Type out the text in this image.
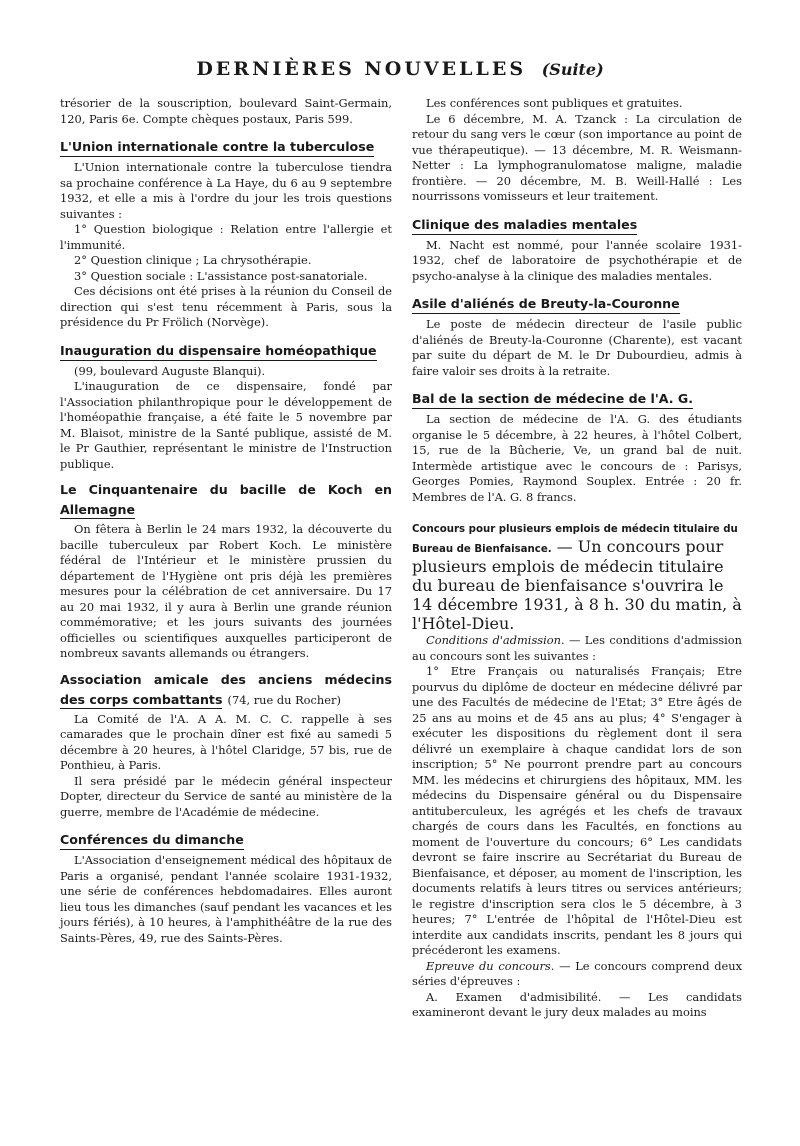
DERNIÈRES NOUVELLES (Suite)

trésorier de la souscription, boulevard Saint-Germain, 120, Paris 6e. Compte chèques postaux, Paris 599.

L'Union internationale contre la tuberculose

L'Union internationale contre la tuberculose tiendra sa prochaine conférence à La Haye, du 6 au 9 septembre 1932, et elle a mis à l'ordre du jour les trois questions suivantes :

1° Question biologique : Relation entre l'allergie et l'immunité.

2° Question clinique ; La chrysothérapie.

3° Question sociale : L'assistance post-sanatoriale.

Ces décisions ont été prises à la réunion du Conseil de direction qui s'est tenu récemment à Paris, sous la présidence du Pr Frölich (Norvège).

Inauguration du dispensaire homéopathique

(99, boulevard Auguste Blanqui).

L'inauguration de ce dispensaire, fondé par l'Association philanthropique pour le développement de l'homéopathie française, a été faite le 5 novembre par M. Blaisot, ministre de la Santé publique, assisté de M. le Pr Gauthier, représentant le ministre de l'Instruction publique.

Le Cinquantenaire du bacille de Koch en
Allemagne

On fêtera à Berlin le 24 mars 1932, la découverte du bacille tuberculeux par Robert Koch. Le ministère fédéral de l'Intérieur et le ministère prussien du département de l'Hygiène ont pris déjà les premières mesures pour la célébration de cet anniversaire. Du 17 au 20 mai 1932, il y aura à Berlin une grande réunion commémorative; et les jours suivants des journées officielles ou scientifiques auxquelles participeront de nombreux savants allemands ou étrangers.

Association amicale des anciens médecins
des corps combattants (74, rue du Rocher)

La Comité de l'A. A A. M. C. C. rappelle à ses camarades que le prochain dîner est fixé au samedi 5 décembre à 20 heures, à l'hôtel Claridge, 57 bis, rue de Ponthieu, à Paris.

Il sera présidé par le médecin général inspecteur Dopter, directeur du Service de santé au ministère de la guerre, membre de l'Académie de médecine.

Conférences du dimanche

L'Association d'enseignement médical des hôpitaux de Paris a organisé, pendant l'année scolaire 1931-1932, une série de conférences hebdomadaires. Elles auront lieu tous les dimanches (sauf pendant les vacances et les jours fériés), à 10 heures, à l'amphithéâtre de la rue des Saints-Pères, 49, rue des Saints-Pères.

Les conférences sont publiques et gratuites.

Le 6 décembre, M. A. Tzanck : La circulation de retour du sang vers le cœur (son importance au point de vue thérapeutique). — 13 décembre, M. R. Weismann-Netter : La lymphogranulomatose maligne, maladie frontière. — 20 décembre, M. B. Weill-Hallé : Les nourrissons vomisseurs et leur traitement.

Clinique des maladies mentales

M. Nacht est nommé, pour l'année scolaire 1931-1932, chef de laboratoire de psychothérapie et de psycho-analyse à la clinique des maladies mentales.

Asile d'aliénés de Breuty-la-Couronne

Le poste de médecin directeur de l'asile public d'aliénés de Breuty-la-Couronne (Charente), est vacant par suite du départ de M. le Dr Dubourdieu, admis à faire valoir ses droits à la retraite.

Bal de la section de médecine de l'A. G.

La section de médecine de l'A. G. des étudiants organise le 5 décembre, à 22 heures, à l'hôtel Colbert, 15, rue de la Bûcherie, Ve, un grand bal de nuit. Intermède artistique avec le concours de : Parisys, Georges Pomies, Raymond Souplex. Entrée : 20 fr. Membres de l'A. G. 8 francs.

Concours pour plusieurs emplois de médecin titulaire du Bureau de Bienfaisance. — Un concours pour plusieurs emplois de médecin titulaire du bureau de bienfaisance s'ouvrira le 14 décembre 1931, à 8 h. 30 du matin, à l'Hôtel-Dieu.

Conditions d'admission. — Les conditions d'admission au concours sont les suivantes :

1° Etre Français ou naturalisés Français; Etre pourvus du diplôme de docteur en médecine délivré par une des Facultés de médecine de l'Etat; 3° Etre âgés de 25 ans au moins et de 45 ans au plus; 4° S'engager à exécuter les dispositions du règlement dont il sera délivré un exemplaire à chaque candidat lors de son inscription; 5° Ne pourront prendre part au concours MM. les médecins et chirurgiens des hôpitaux, MM. les médecins du Dispensaire général ou du Dispensaire antituberculeux, les agrégés et les chefs de travaux chargés de cours dans les Facultés, en fonctions au moment de l'ouverture du concours; 6° Les candidats devront se faire inscrire au Secrétariat du Bureau de Bienfaisance, et déposer, au moment de l'inscription, les documents relatifs à leurs titres ou services antérieurs; le registre d'inscription sera clos le 5 décembre, à 3 heures; 7° L'entrée de l'hôpital de l'Hôtel-Dieu est interdite aux candidats inscrits, pendant les 8 jours qui précéderont les examens.

Epreuve du concours. — Le concours comprend deux séries d'épreuves :

A. Examen d'admisibilité. — Les candidats examineront devant le jury deux malades au moins
